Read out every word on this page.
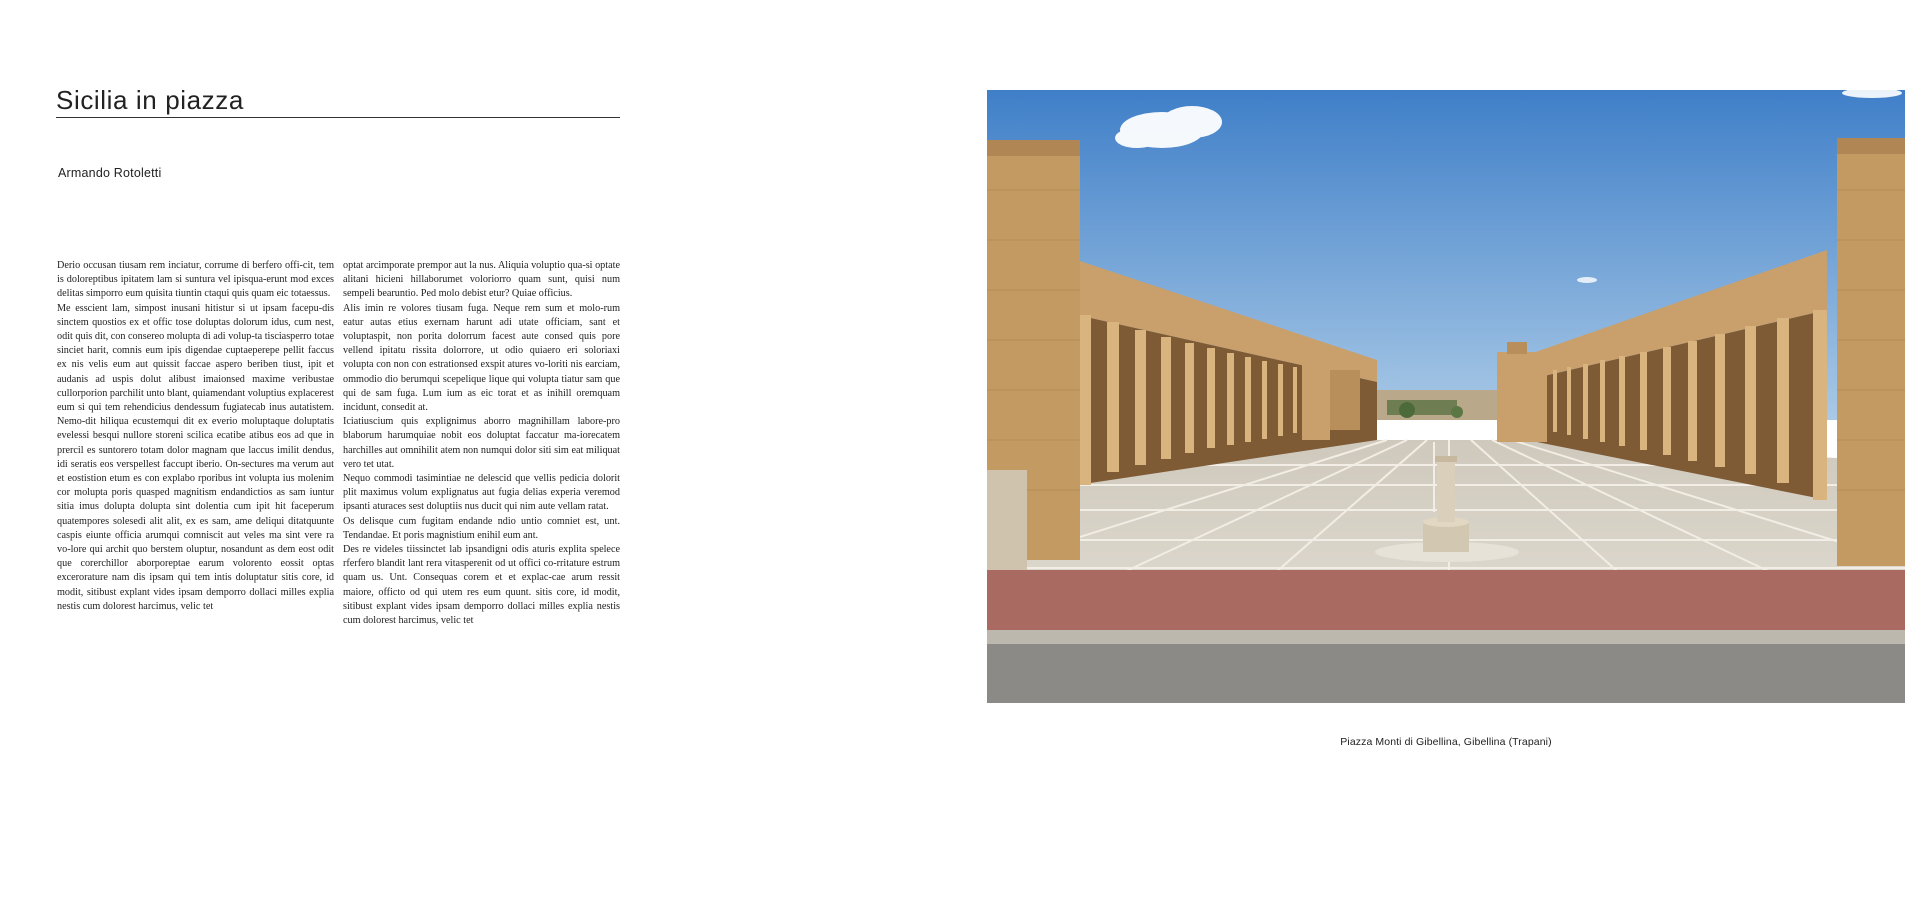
Sicilia in piazza
Armando Rotoletti

Derio occusan tiusam rem inciatur, corrume di berfero offi-cit, tem is doloreptibus ipitatem lam si suntura vel ipisqua-erunt mod exces delitas simporro eum quisita tiuntin ctaqui quis quam eic totaessus.

Me esscient lam, simpost inusani hitistur si ut ipsam facepu-dis sinctem quostios ex et offic tose doluptas dolorum idus, cum nest, odit quis dit, con consereo molupta di adi volup-ta tisciasperro totae sinciet harit, comnis eum ipis digendae cuptaeperepe pellit faccus ex nis velis eum aut quissit faccae aspero beriben tiust, ipit et audanis ad uspis dolut alibust imaionsed maxime veribustae cullorporion parchilit unto blant, quiamendant voluptius explacerest eum si qui tem rehendicius dendessum fugiatecab inus autatistem. Nemo-dit hiliqua ecustemqui dit ex everio moluptaque doluptatis evelessi besqui nullore storeni scilica ecatibe atibus eos ad que in prercil es suntorero totam dolor magnam que laccus imilit dendus, idi seratis eos verspellest faccupt iberio. On-sectures ma verum aut et eostistion etum es con explabo rporibus int volupta ius molenim cor molupta poris quasped magnitism endandictios as sam iuntur sitia imus dolupta dolupta sint dolentia cum ipit hit faceperum quatempores solesedi alit alit, ex es sam, ame deliqui ditatquunte caspis eiunte officia arumqui comniscit aut veles ma sint vere ra vo-lore qui archit quo berstem oluptur, nosandunt as dem eost odit que corerchillor aborporeptae earum volorento eossit optas excerorature nam dis ipsam qui tem intis doluptatur sitis core, id modit, sitibust explant vides ipsam demporro dollaci milles explia nestis cum dolorest harcimus, velic tet

optat arcimporate prempor aut la nus. Aliquia voluptio qua-si optate alitani hicieni hillaborumet voloriorro quam sunt, quisi num sempeli bearuntio. Ped molo debist etur? Quiae officius.

Alis imin re volores tiusam fuga. Neque rem sum et molo-rum eatur autas etius exernam harunt adi utate officiam, sant et voluptaspit, non porita dolorrum facest aute consed quis pore vellend ipitatu rissita dolorrore, ut odio quiaero eri soloriaxi volupta con non con estrationsed exspit atures vo-loriti nis earciam, ommodio dio berumqui scepelique lique qui volupta tiatur sam que qui de sam fuga. Lum ium as eic torat et as inihill oremquam incidunt, consedit at.

Iciatiuscium quis explignimus aborro magnihillam labore-pro blaborum harumquiae nobit eos doluptat faccatur ma-iorecatem harchilles aut omnihilit atem non numqui dolor siti sim eat miliquat vero tet utat.

Nequo commodi tasimintiae ne delescid que vellis pedicia dolorit plit maximus volum explignatus aut fugia delias experia veremod ipsanti aturaces sest doluptiis nus ducit qui nim aute vellam ratat.

Os delisque cum fugitam endande ndio untio comniet est, unt. Tendandae. Et poris magnistium enihil eum ant.

Des re videles tiissinctet lab ipsandigni odis aturis explita spelece rferfero blandit lant rera vitasperenit od ut offici co-rritature estrum quam us. Unt. Consequas corem et et explac-cae arum ressit maiore, officto od qui utem res eum quunt. sitis core, id modit, sitibust explant vides ipsam demporro dollaci milles explia nestis cum dolorest harcimus, velic tet

Piazza Monti di Gibellina, Gibellina (Trapani)
